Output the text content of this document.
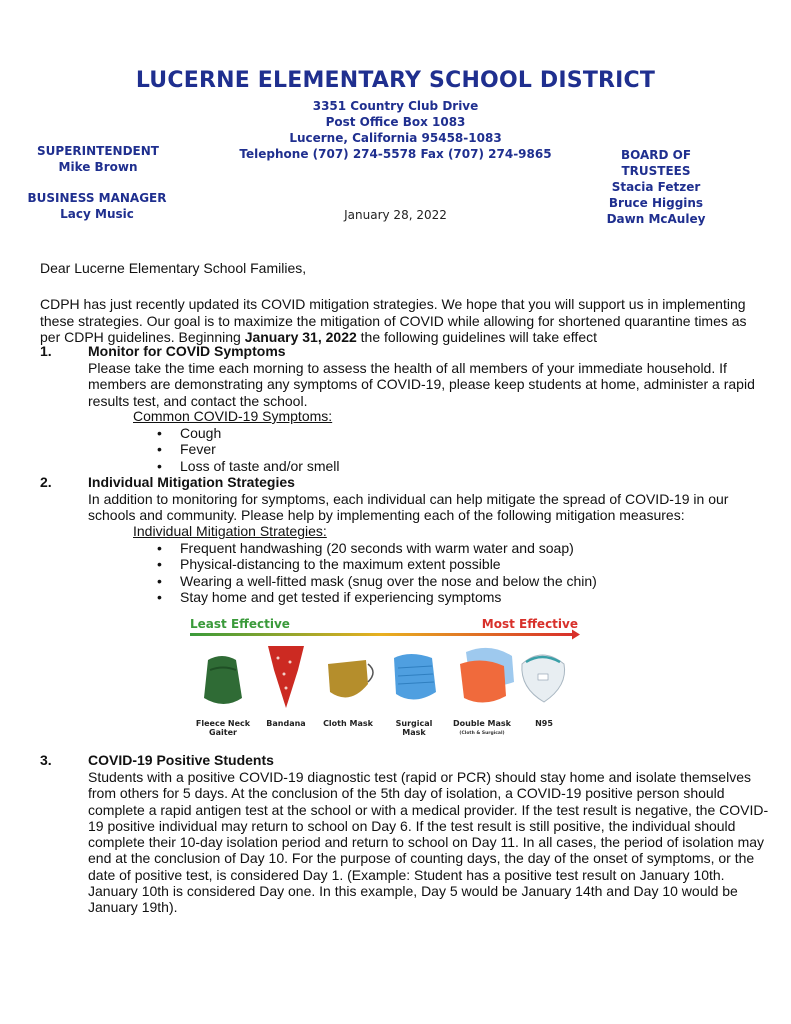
LUCERNE ELEMENTARY SCHOOL DISTRICT
3351 Country Club Drive
Post Office Box 1083
Lucerne, California 95458-1083
Telephone (707) 274-5578 Fax (707) 274-9865
SUPERINTENDENT
Mike Brown
BUSINESS MANAGER
Lacy Music
BOARD OF TRUSTEES
Stacia Fetzer
Bruce Higgins
Dawn McAuley
January 28, 2022
Dear Lucerne Elementary School Families,
CDPH has just recently updated its COVID mitigation strategies. We hope that you will support us in implementing these strategies. Our goal is to maximize the mitigation of COVID while allowing for shortened quarantine times as per CDPH guidelines. Beginning January 31, 2022 the following guidelines will take effect
1.	Monitor for COVID Symptoms
Please take the time each morning to assess the health of all members of your immediate household. If members are demonstrating any symptoms of COVID-19, please keep students at home, administer a rapid results test, and contact the school.
Common COVID-19 Symptoms:
• Cough
• Fever
• Loss of taste and/or smell
2.	Individual Mitigation Strategies
In addition to monitoring for symptoms, each individual can help mitigate the spread of COVID-19 in our schools and community. Please help by implementing each of the following mitigation measures:
Individual Mitigation Strategies:
• Frequent handwashing (20 seconds with warm water and soap)
• Physical-distancing to the maximum extent possible
• Wearing a well-fitted mask (snug over the nose and below the chin)
• Stay home and get tested if experiencing symptoms
Least Effective	Most Effective
Fleece Neck
Gaiter
Bandana Cloth Mask	Surgical
Mask
Double Mask
(Cloth & Surgical)
N95
3.	COVID-19 Positive Students
Students with a positive COVID-19 diagnostic test (rapid or PCR) should stay home and isolate themselves from others for 5 days. At the conclusion of the 5th day of isolation, a COVID-19 positive person should complete a rapid antigen test at the school or with a medical provider. If the test result is negative, the COVID-19 positive individual may return to school on Day 6. If the test result is still positive, the individual should complete their 10-day isolation period and return to school on Day 11. In all cases, the period of isolation may end at the conclusion of Day 10. For the purpose of counting days, the day of the onset of symptoms, or the date of positive test, is considered Day 1. (Example: Student has a positive test result on January 10th. January 10th is considered Day one. In this example, Day 5 would be January 14th and Day 10 would be January 19th).
